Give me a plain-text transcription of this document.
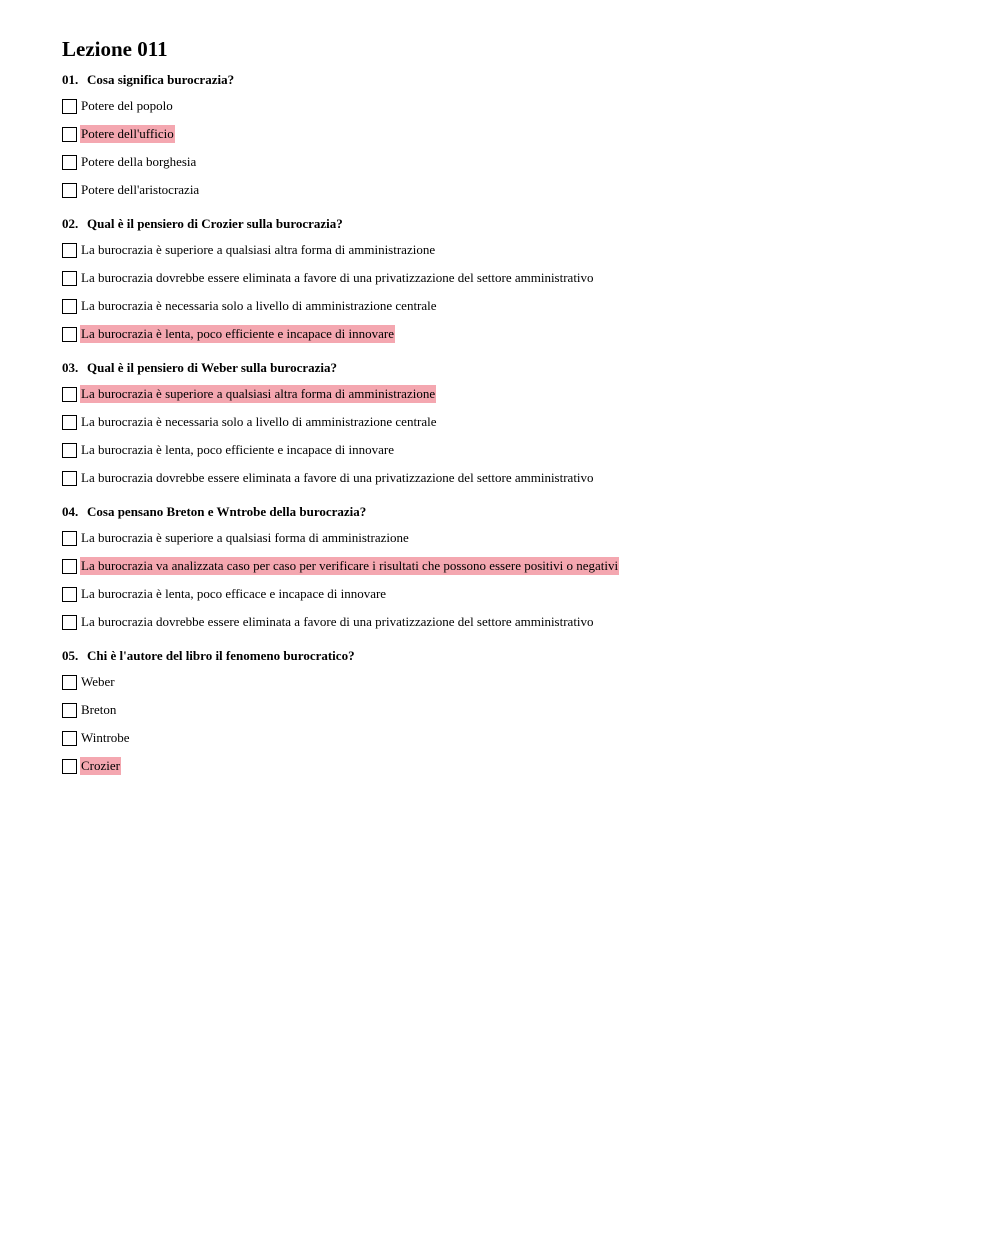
Lezione 011
01. Cosa significa burocrazia?
Potere del popolo
Potere dell'ufficio
Potere della borghesia
Potere dell'aristocrazia
02. Qual è il pensiero di Crozier sulla burocrazia?
La burocrazia è superiore a qualsiasi altra forma di amministrazione
La burocrazia dovrebbe essere eliminata a favore di una privatizzazione del settore amministrativo
La burocrazia è necessaria solo a livello di amministrazione centrale
La burocrazia è lenta, poco efficiente e incapace di innovare
03. Qual è il pensiero di Weber sulla burocrazia?
La burocrazia è superiore a qualsiasi altra forma di amministrazione
La burocrazia è necessaria solo a livello di amministrazione centrale
La burocrazia è lenta, poco efficiente e incapace di innovare
La burocrazia dovrebbe essere eliminata a favore di una privatizzazione del settore amministrativo
04. Cosa pensano Breton e Wntrobe della burocrazia?
La burocrazia è superiore a qualsiasi forma di amministrazione
La burocrazia va analizzata caso per caso per verificare i risultati che possono essere positivi o negativi
La burocrazia è lenta, poco efficace e incapace di innovare
La burocrazia dovrebbe essere eliminata a favore di una privatizzazione del settore amministrativo
05. Chi è l'autore del libro il fenomeno burocratico?
Weber
Breton
Wintrobe
Crozier
